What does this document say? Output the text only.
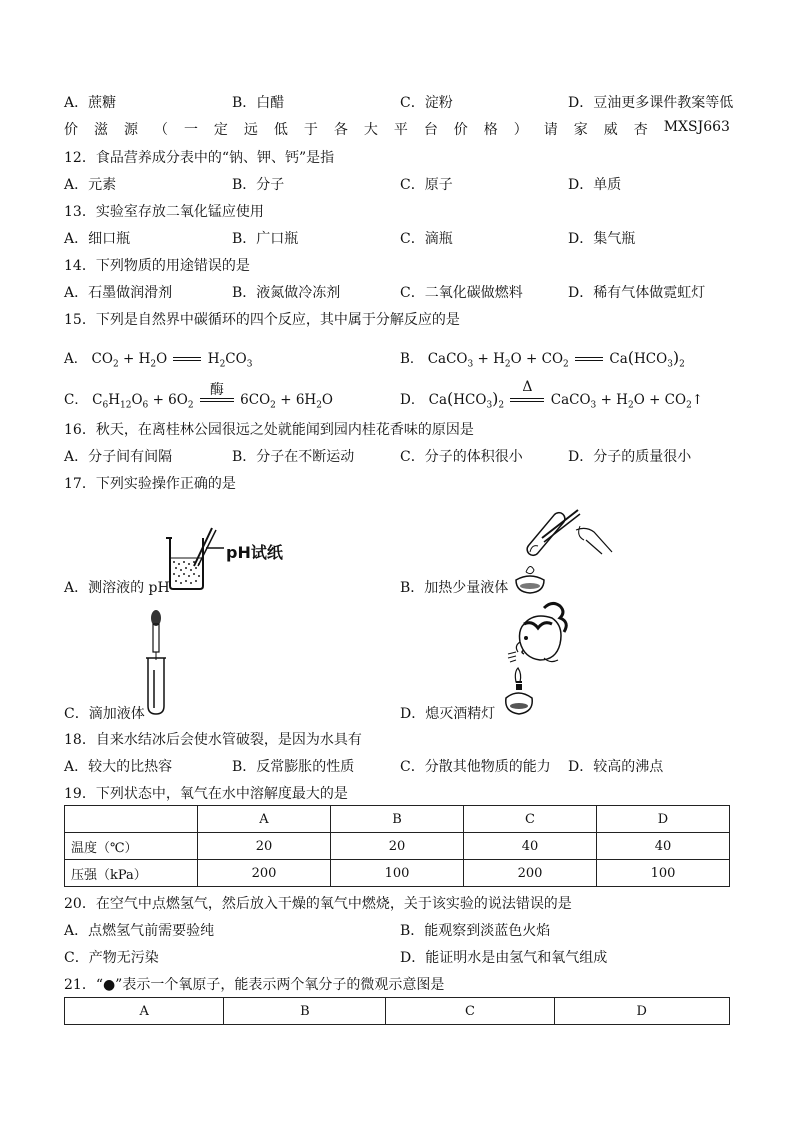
A．蔗糖	B．白醋	C．淀粉	D．豆油更多课件教案等低
价 滋 源 （ 一 定 远 低 于 各 大 平 台 价 格 ） 请 家 威 杏 MXSJ663
12．食品营养成分表中的“钠、钾、钙”是指
A．元素	B．分子	C．原子	D．单质
13．实验室存放二氧化锰应使用
A．细口瓶	B．广口瓶	C．滴瓶	D．集气瓶
14．下列物质的用途错误的是
A．石墨做润滑剂	B．液氮做冷冻剂	C．二氧化碳做燃料	D．稀有气体做霓虹灯
15．下列是自然界中碳循环的四个反应，其中属于分解反应的是
A． $CO_2 + H_2O$	$H_2CO_3$	B． CaCO$_3$ + $H_2O + CO_2$	$Ca(HCO_3)_2$
C． $C_6H_{12}O_6 + 6O_2$
酶
$6CO_2 + 6H_2O$	D． $Ca(HCO_3)_2$
Δ
CaCO$_3$ + $H_2O$ + $CO_2↑$
16．秋天，在离桂林公园很远之处就能闻到园内桂花香味的原因是
A．分子间有间隔	B．分子在不断运动	C．分子的体积很小	D．分子的质量很小
17．下列实验操作正确的是
pH试纸
A．测溶液的 pH	B．加热少量液体
C．滴加液体	D．熄灭酒精灯
18．自来水结冰后会使水管破裂，是因为水具有
A．较大的比热容	B．反常膨胀的性质	C．分散其他物质的能力 D．较高的沸点
19．下列状态中，氧气在水中溶解度最大的是
	A	B	C	D
温度（℃）	20	20	40	40
压强（kPa）	200	100	200	100
20．在空气中点燃氢气，然后放入干燥的氧气中燃烧，关于该实验的说法错误的是
A．点燃氢气前需要验纯	B．能观察到淡蓝色火焰
C．产物无污染	D．能证明水是由氢气和氧气组成
21．“●”表示一个氧原子，能表示两个氧分子的微观示意图是
A	B	C	D
